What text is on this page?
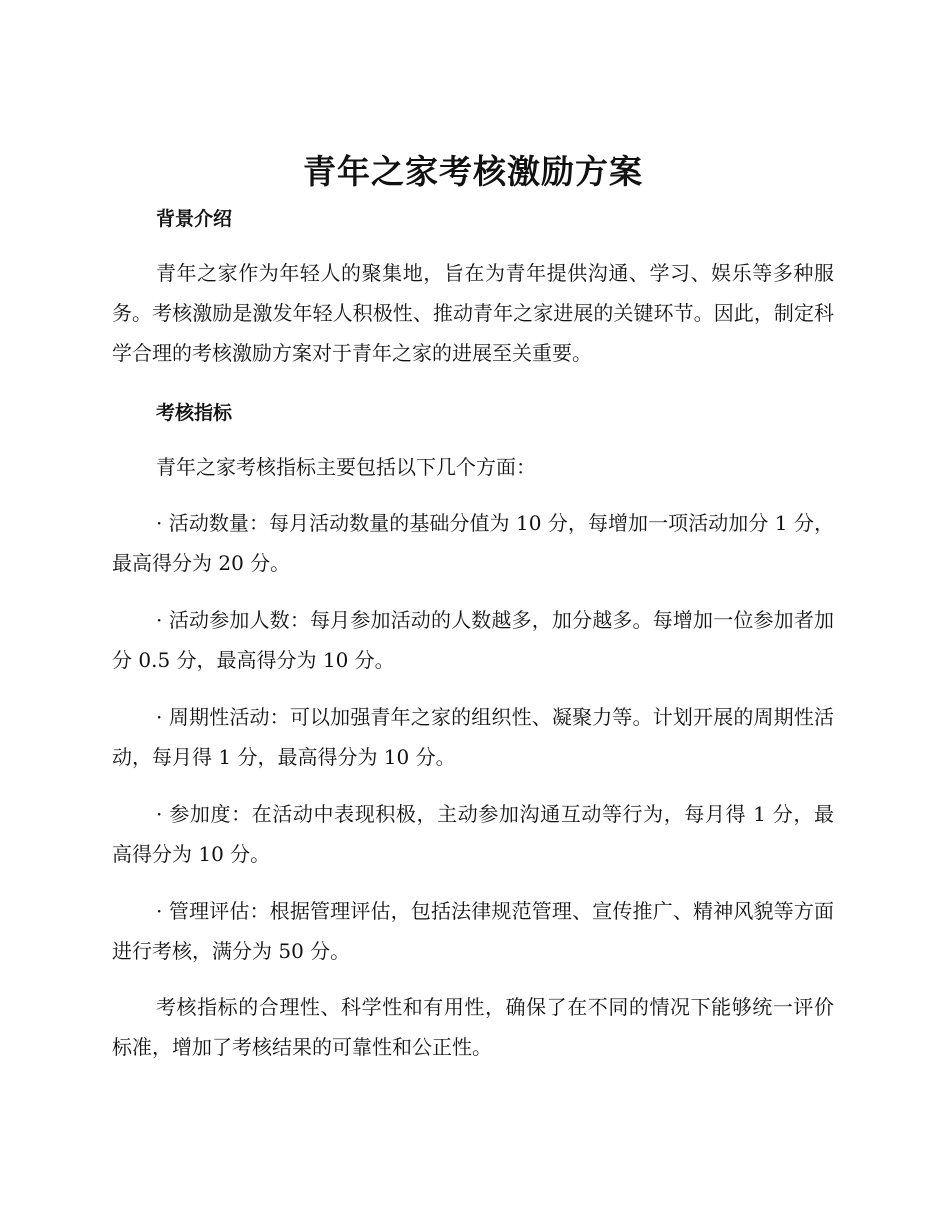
青年之家考核激励方案
背景介绍

青年之家作为年轻人的聚集地，旨在为青年提供沟通、学习、娱乐等多种服务。考核激励是激发年轻人积极性、推动青年之家进展的关键环节。因此，制定科学合理的考核激励方案对于青年之家的进展至关重要。

考核指标

青年之家考核指标主要包括以下几个方面：

· 活动数量：每月活动数量的基础分值为 10 分，每增加一项活动加分 1 分，最高得分为 20 分。

· 活动参加人数：每月参加活动的人数越多，加分越多。每增加一位参加者加分 0.5 分，最高得分为 10 分。

· 周期性活动：可以加强青年之家的组织性、凝聚力等。计划开展的周期性活动，每月得 1 分，最高得分为 10 分。

· 参加度：在活动中表现积极，主动参加沟通互动等行为，每月得 1 分，最高得分为 10 分。

· 管理评估：根据管理评估，包括法律规范管理、宣传推广、精神风貌等方面进行考核，满分为 50 分。

考核指标的合理性、科学性和有用性，确保了在不同的情况下能够统一评价标准，增加了考核结果的可靠性和公正性。
